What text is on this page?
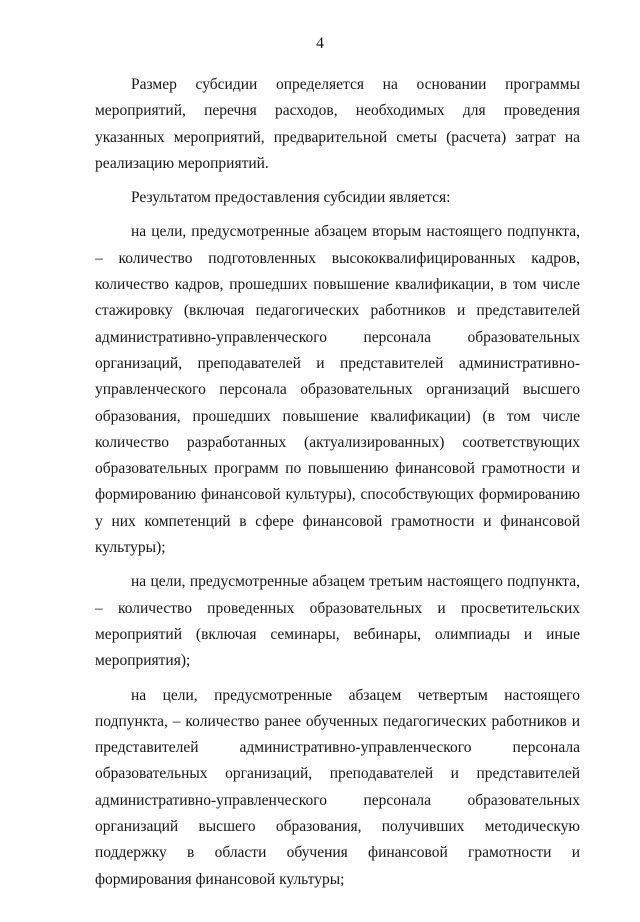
4

Размер субсидии определяется на основании программы мероприятий, перечня расходов, необходимых для проведения указанных мероприятий, предварительной сметы (расчета) затрат на реализацию мероприятий.

Результатом предоставления субсидии является:

на цели, предусмотренные абзацем вторым настоящего подпункта, – количество подготовленных высококвалифицированных кадров, количество кадров, прошедших повышение квалификации, в том числе стажировку (включая педагогических работников и представителей административно-управленческого персонала образовательных организаций, преподавателей и представителей административно-управленческого персонала образовательных организаций высшего образования, прошедших повышение квалификации) (в том числе количество разработанных (актуализированных) соответствующих образовательных программ по повышению финансовой грамотности и формированию финансовой культуры), способствующих формированию у них компетенций в сфере финансовой грамотности и финансовой культуры);

на цели, предусмотренные абзацем третьим настоящего подпункта, – количество проведенных образовательных и просветительских мероприятий (включая семинары, вебинары, олимпиады и иные мероприятия);

на цели, предусмотренные абзацем четвертым настоящего подпункта, – количество ранее обученных педагогических работников и представителей административно-управленческого персонала образовательных организаций, преподавателей и представителей административно-управленческого персонала образовательных организаций высшего образования, получивших методическую поддержку в области обучения финансовой грамотности и формирования финансовой культуры;
